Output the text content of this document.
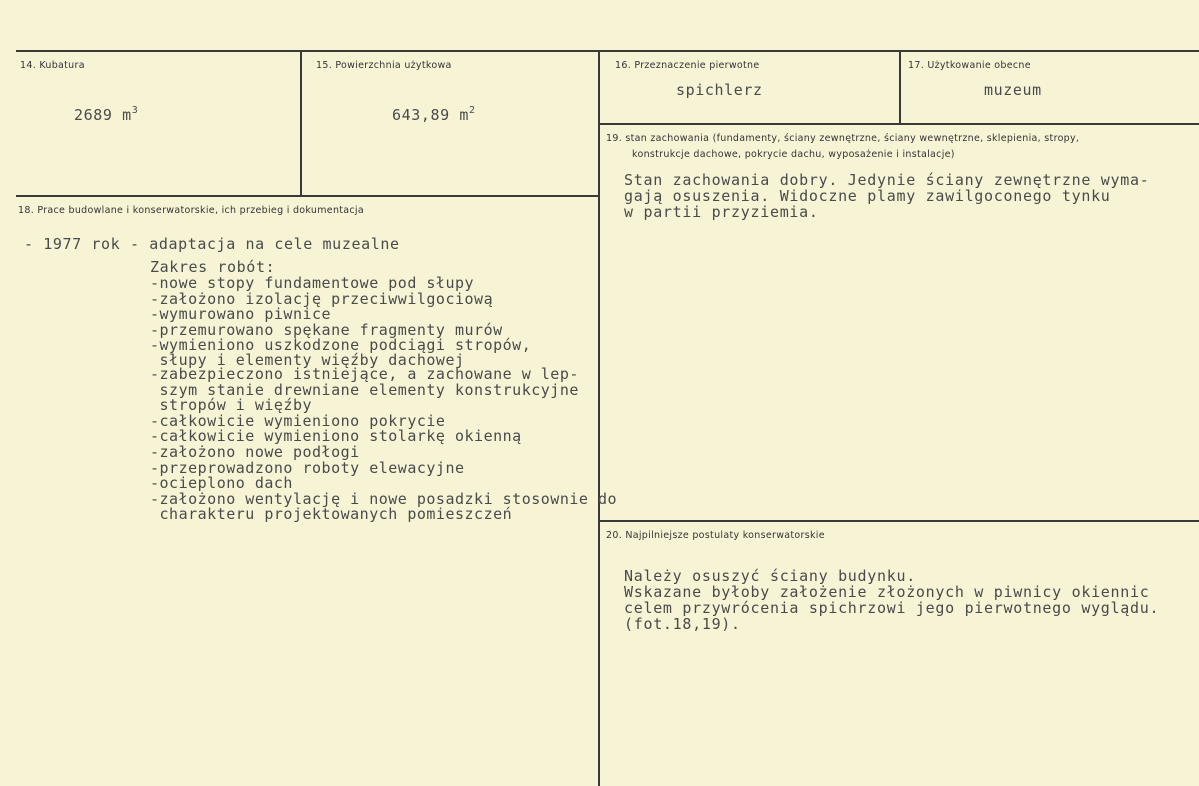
14. Kubatura
2689 $m^3$
15. Powierzchnia użytkowa
643,89 $m^2$
16. Przeznaczenie pierwotne
spichlerz
17. Użytkowanie obecne
muzeum
18. Prace budowlane i konserwatorskie, ich przebieg i dokumentacja
- 1977 rok - adaptacja na cele muzealne
Zakres robót:
-nowe stopy fundamentowe pod słupy
-założono izolację przeciwwilgociową
-wymurowano piwnice
-przemurowano spękane fragmenty murów
-wymieniono uszkodzone podciągi stropów,
słupy i elementy więźby dachowej
-zabezpieczono istniejące, a zachowane w lep-
szym stanie drewniane elementy konstrukcyjne
stropów i więźby
-całkowicie wymieniono pokrycie
-całkowicie wymieniono stolarkę okienną
-założono nowe podłogi
-przeprowadzono roboty elewacyjne
-ocieplono dach
-założono wentylację i nowe posadzki stosownie do
charakteru projektowanych pomieszczeń
19. stan zachowania (fundamenty, ściany zewnętrzne, ściany wewnętrzne, sklepienia, stropy,
konstrukcje dachowe, pokrycie dachu, wyposażenie i instalacje)
Stan zachowania dobry. Jedynie ściany zewnętrzne wyma-
gają osuszenia. Widoczne plamy zawilgoconego tynku
w partii przyziemia.
20. Najpilniejsze postulaty konserwatorskie
Należy osuszyć ściany budynku.
Wskazane byłoby założenie złożonych w piwnicy okiennic
celem przywrócenia spichrzowi jego pierwotnego wyglądu.
(fot.18,19).
